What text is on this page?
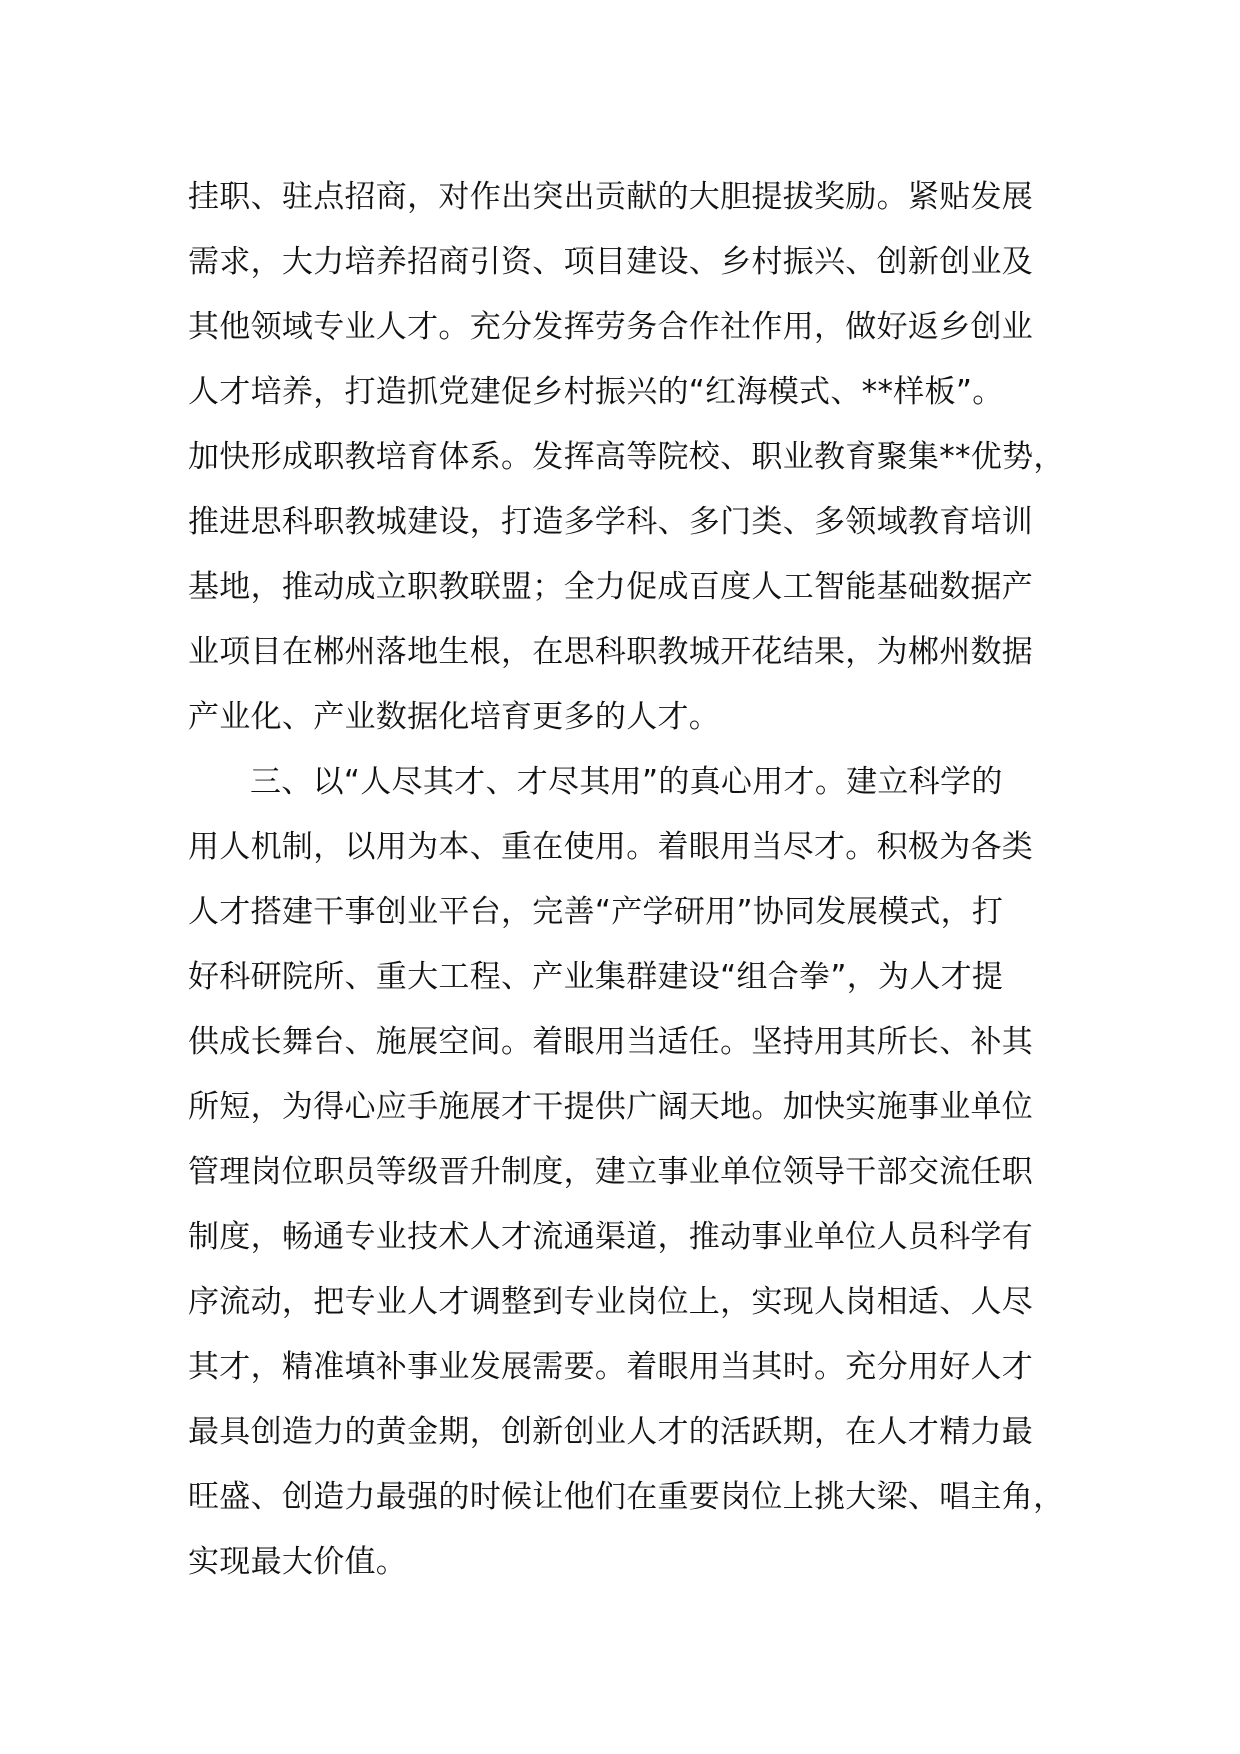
挂职、驻点招商，对作出突出贡献的大胆提拔奖励。紧贴发展
需求，大力培养招商引资、项目建设、乡村振兴、创新创业及
其他领域专业人才。充分发挥劳务合作社作用，做好返乡创业
人才培养，打造抓党建促乡村振兴的“红海模式、**样板”。
加快形成职教培育体系。发挥高等院校、职业教育聚集**优势，
推进思科职教城建设，打造多学科、多门类、多领域教育培训
基地，推动成立职教联盟；全力促成百度人工智能基础数据产
业项目在郴州落地生根，在思科职教城开花结果，为郴州数据
产业化、产业数据化培育更多的人才。
三、以“人尽其才、才尽其用”的真心用才。建立科学的
用人机制，以用为本、重在使用。着眼用当尽才。积极为各类
人才搭建干事创业平台，完善“产学研用”协同发展模式，打
好科研院所、重大工程、产业集群建设“组合拳”，为人才提
供成长舞台、施展空间。着眼用当适任。坚持用其所长、补其
所短，为得心应手施展才干提供广阔天地。加快实施事业单位
管理岗位职员等级晋升制度，建立事业单位领导干部交流任职
制度，畅通专业技术人才流通渠道，推动事业单位人员科学有
序流动，把专业人才调整到专业岗位上，实现人岗相适、人尽
其才，精准填补事业发展需要。着眼用当其时。充分用好人才
最具创造力的黄金期，创新创业人才的活跃期，在人才精力最
旺盛、创造力最强的时候让他们在重要岗位上挑大梁、唱主角，
实现最大价值。
